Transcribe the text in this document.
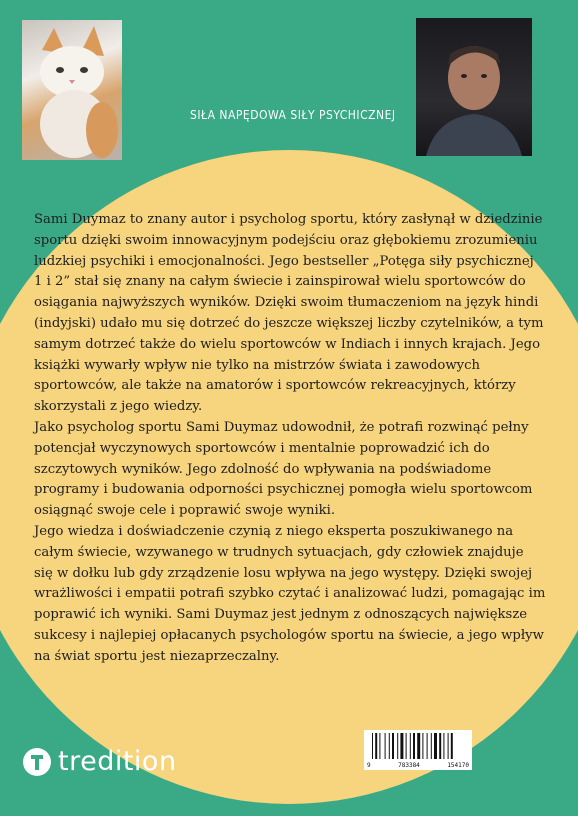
SIŁA NAPĘDOWA SIŁY PSYCHICZNEJ

Sami Duymaz to znany autor i psycholog sportu, który zasłynął w dziedzinie sportu dzięki swoim innowacyjnym podejściu oraz głębokiemu zrozumieniu ludzkiej psychiki i emocjonalności. Jego bestseller „Potęga siły psychicznej 1 i 2” stał się znany na całym świecie i zainspirował wielu sportowców do osiągania najwyższych wyników. Dzięki swoim tłumaczeniom na język hindi (indyjski) udało mu się dotrzeć do jeszcze większej liczby czytelników, a tym samym dotrzeć także do wielu sportowców w Indiach i innych krajach. Jego książki wywarły wpływ nie tylko na mistrzów świata i zawodowych sportowców, ale także na amatorów i sportowców rekreacyjnych, którzy skorzystali z jego wiedzy.

Jako psycholog sportu Sami Duymaz udowodnił, że potrafi rozwinąć pełny potencjał wyczynowych sportowców i mentalnie poprowadzić ich do szczytowych wyników. Jego zdolność do wpływania na podświadome programy i budowania odporności psychicznej pomogła wielu sportowcom osiągnąć swoje cele i poprawić swoje wyniki.

Jego wiedza i doświadczenie czynią z niego eksperta poszukiwanego na całym świecie, wzywanego w trudnych sytuacjach, gdy człowiek znajduje się w dołku lub gdy zrządzenie losu wpływa na jego występy. Dzięki swojej wrażliwości i empatii potrafi szybko czytać i analizować ludzi, pomagając im poprawić ich wyniki. Sami Duymaz jest jednym z odnoszących największe sukcesy i najlepiej opłacanych psychologów sportu na świecie, a jego wpływ na świat sportu jest niezaprzeczalny.

tredition	9	783384	154170
